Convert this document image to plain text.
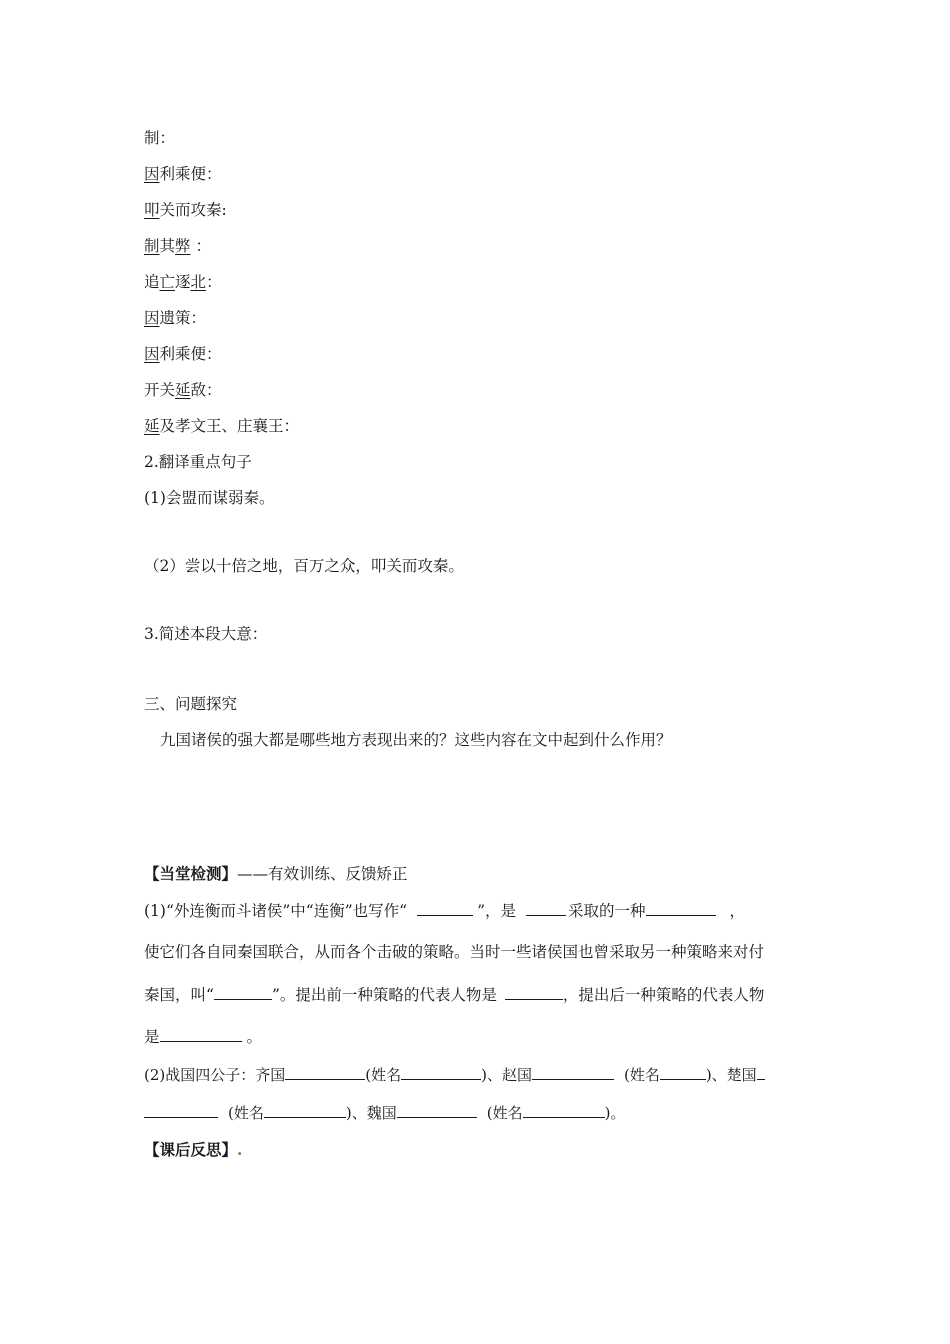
制：
因利乘便：
叩关而攻秦:
制其弊 ：
追亡逐北：
因遗策：
因利乘便：
开关延敌：
延及孝文王、庄襄王：
2.翻译重点句子
(1)会盟而谋弱秦。
（2）尝以十倍之地，百万之众，叩关而攻秦。
3.简述本段大意：
三、问题探究
九国诸侯的强大都是哪些地方表现出来的？这些内容在文中起到什么作用？
【当堂检测】——有效训练、反馈矫正
(1)“外连衡而斗诸侯”中“连衡”也写作“	”，是	采取的一种	，
使它们各自同秦国联合，从而各个击破的策略。当时一些诸侯国也曾采取另一种策略来对付
秦国，叫“	”。提出前一种策略的代表人物是	，提出后一种策略的代表人物
是	。
(2)战国四公子：齐国	(姓名	)、赵国	(姓名	)、楚国
(姓名	)、魏国	(姓名	)。
【课后反思】.
